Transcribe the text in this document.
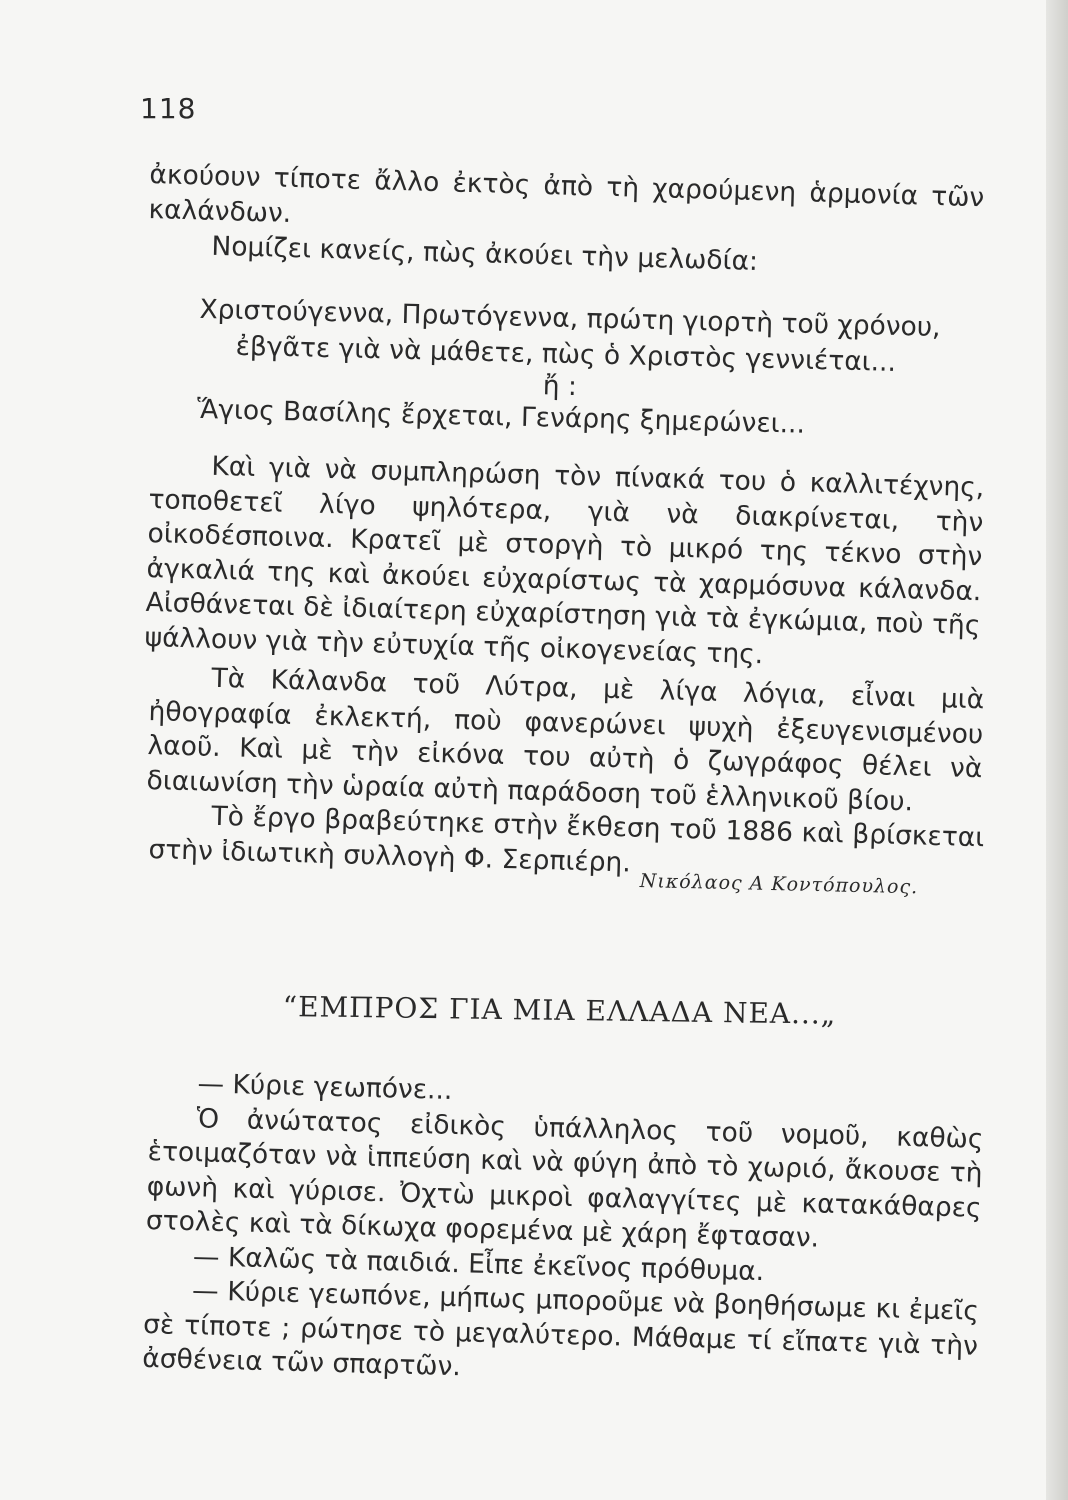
118

ἀκούουν τίποτε ἄλλο ἐκτὸς ἀπὸ τὴ χαρούμενη ἁρμονία τῶν καλάνδων.

Νομίζει κανείς, πὼς ἀκούει τὴν μελωδία:

Χριστούγεννα, Πρωτόγεννα, πρώτη γιορτὴ τοῦ χρόνου,
ἐβγᾶτε γιὰ νὰ μάθετε, πὼς ὁ Χριστὸς γεννιέται...
ἤ :
Ἅγιος Βασίλης ἔρχεται, Γενάρης ξημερώνει...

Καὶ γιὰ νὰ συμπληρώση τὸν πίνακά του ὁ καλλιτέχνης, τοποθετεῖ λίγο ψηλότερα, γιὰ νὰ διακρίνεται, τὴν οἰκοδέσποινα. Κρατεῖ μὲ στοργὴ τὸ μικρό της τέκνο στὴν ἀγκαλιά της καὶ ἀκούει εὐχαρίστως τὰ χαρμόσυνα κάλανδα. Αἰσθάνεται δὲ ἰδιαίτερη εὐχαρίστηση γιὰ τὰ ἐγκώμια, ποὺ τῆς ψάλλουν γιὰ τὴν εὐτυχία τῆς οἰκογενείας της.

Τὰ Κάλανδα τοῦ Λύτρα, μὲ λίγα λόγια, εἶναι μιὰ ἠθογραφία ἐκλεκτή, ποὺ φανερώνει ψυχὴ ἐξευγενισμένου λαοῦ. Καὶ μὲ τὴν εἰκόνα του αὐτὴ ὁ ζωγράφος θέλει νὰ διαιωνίση τὴν ὡραία αὐτὴ παράδοση τοῦ ἑλληνικοῦ βίου.

Τὸ ἔργο βραβεύτηκε στὴν ἔκθεση τοῦ 1886 καὶ βρίσκεται στὴν ἰδιωτικὴ συλλογὴ Φ. Σερπιέρη.

Νικόλαος Α Κοντόπουλος.
“ΕΜΠΡΟΣ ΓΙΑ ΜΙΑ ΕΛΛΑΔΑ ΝΕΑ...„

— Κύριε γεωπόνε...

Ὁ ἀνώτατος εἰδικὸς ὑπάλληλος τοῦ νομοῦ, καθὼς ἑτοιμαζόταν νὰ ἱππεύση καὶ νὰ φύγη ἀπὸ τὸ χωριό, ἄκουσε τὴ φωνὴ καὶ γύρισε. Ὀχτὼ μικροὶ φαλαγγίτες μὲ κατακάθαρες στολὲς καὶ τὰ δίκωχα φορεμένα μὲ χάρη ἔφτασαν.

— Καλῶς τὰ παιδιά. Εἶπε ἐκεῖνος πρόθυμα.

— Κύριε γεωπόνε, μήπως μποροῦμε νὰ βοηθήσωμε κι ἐμεῖς σὲ τίποτε ; ρώτησε τὸ μεγαλύτερο. Μάθαμε τί εἴπατε γιὰ τὴν ἀσθένεια τῶν σπαρτῶν.
